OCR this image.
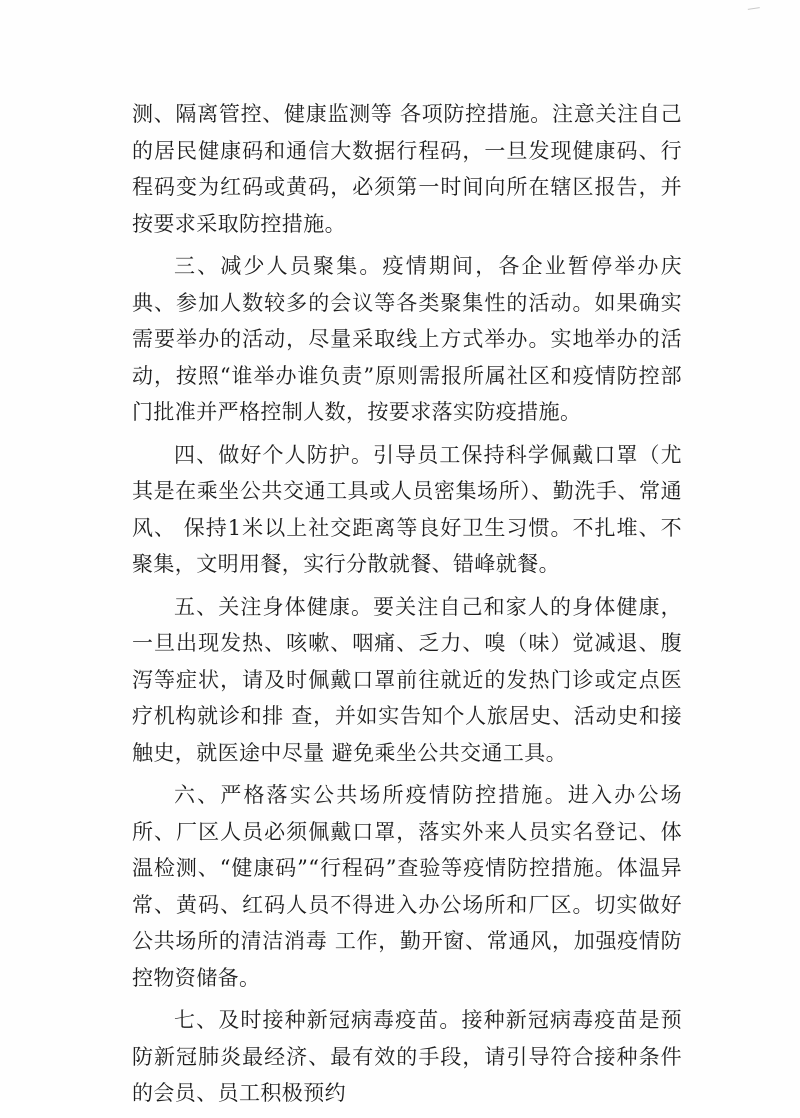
测、隔离管控、健康监测等 各项防控措施。注意关注自己的居民健康码和通信大数据行程码，一旦发现健康码、行程码变为红码或黄码，必须第一时间向所在辖区报告，并按要求采取防控措施。

三、减少人员聚集。疫情期间，各企业暂停举办庆典、参加人数较多的会议等各类聚集性的活动。如果确实需要举办的活动，尽量采取线上方式举办。实地举办的活动，按照“谁举办谁负责”原则需报所属社区和疫情防控部门批准并严格控制人数，按要求落实防疫措施。

四、做好个人防护。引导员工保持科学佩戴口罩（尤其是在乘坐公共交通工具或人员密集场所）、勤洗手、常通风、 保持1米以上社交距离等良好卫生习惯。不扎堆、不聚集，文明用餐，实行分散就餐、错峰就餐。

五、关注身体健康。要关注自己和家人的身体健康，一旦出现发热、咳嗽、咽痛、乏力、嗅（味）觉减退、腹泻等症状，请及时佩戴口罩前往就近的发热门诊或定点医疗机构就诊和排 查，并如实告知个人旅居史、活动史和接触史，就医途中尽量 避免乘坐公共交通工具。

六、严格落实公共场所疫情防控措施。进入办公场所、厂区人员必须佩戴口罩，落实外来人员实名登记、体温检测、“健康码”“行程码”查验等疫情防控措施。体温异常、黄码、红码人员不得进入办公场所和厂区。切实做好公共场所的清洁消毒 工作，勤开窗、常通风，加强疫情防控物资储备。

七、及时接种新冠病毒疫苗。接种新冠病毒疫苗是预防新冠肺炎最经济、最有效的手段，请引导符合接种条件的会员、员工积极预约
